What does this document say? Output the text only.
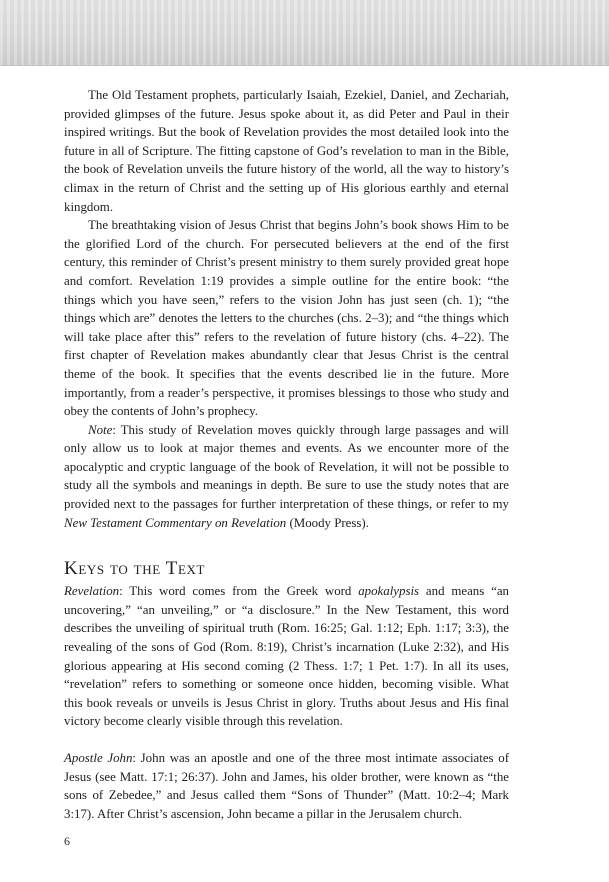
The Old Testament prophets, particularly Isaiah, Ezekiel, Daniel, and Zechariah, provided glimpses of the future. Jesus spoke about it, as did Peter and Paul in their inspired writings. But the book of Revelation provides the most detailed look into the future in all of Scripture. The fitting capstone of God’s revelation to man in the Bible, the book of Revelation unveils the future history of the world, all the way to history’s climax in the return of Christ and the setting up of His glorious earthly and eternal kingdom.

The breathtaking vision of Jesus Christ that begins John’s book shows Him to be the glorified Lord of the church. For persecuted believers at the end of the first century, this reminder of Christ’s present ministry to them surely provided great hope and comfort. Revelation 1:19 provides a simple outline for the entire book: “the things which you have seen,” refers to the vision John has just seen (ch. 1); “the things which are” denotes the letters to the churches (chs. 2–3); and “the things which will take place after this” refers to the revelation of future history (chs. 4–22). The first chapter of Revelation makes abundantly clear that Jesus Christ is the central theme of the book. It specifies that the events described lie in the future. More importantly, from a reader’s perspective, it promises blessings to those who study and obey the contents of John’s prophecy.

Note: This study of Revelation moves quickly through large passages and will only allow us to look at major themes and events. As we encounter more of the apocalyptic and cryptic language of the book of Revelation, it will not be possible to study all the symbols and meanings in depth. Be sure to use the study notes that are provided next to the passages for further interpretation of these things, or refer to my New Testament Commentary on Revelation (Moody Press).

Keys to the Text

Revelation: This word comes from the Greek word apokalypsis and means “an uncovering,” “an unveiling,” or “a disclosure.” In the New Testament, this word describes the unveiling of spiritual truth (Rom. 16:25; Gal. 1:12; Eph. 1:17; 3:3), the revealing of the sons of God (Rom. 8:19), Christ’s incarnation (Luke 2:32), and His glorious appearing at His second coming (2 Thess. 1:7; 1 Pet. 1:7). In all its uses, “revelation” refers to something or someone once hidden, becoming visible. What this book reveals or unveils is Jesus Christ in glory. Truths about Jesus and His final victory become clearly visible through this revelation.

Apostle John: John was an apostle and one of the three most intimate associates of Jesus (see Matt. 17:1; 26:37). John and James, his older brother, were known as “the sons of Zebedee,” and Jesus called them “Sons of Thunder” (Matt. 10:2–4; Mark 3:17). After Christ’s ascension, John became a pillar in the Jerusalem church.

6
